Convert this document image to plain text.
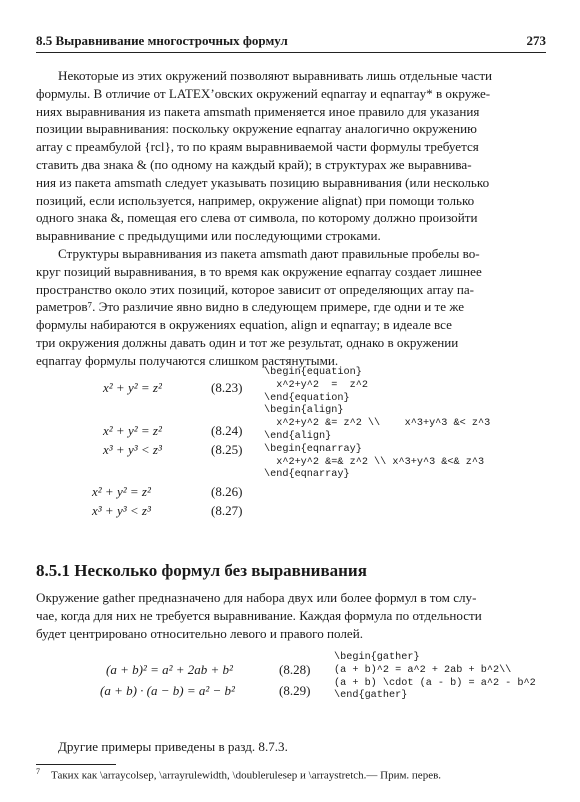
8.5 Выравнивание многострочных формул	273
Некоторые из этих окружений позволяют выравнивать лишь отдельные части
формулы. В отличие от LATEX’овских окружений eqnarray и eqnarray* в окруже-
ниях выравнивания из пакета amsmath применяется иное правило для указания
позиции выравнивания: поскольку окружение eqnarray аналогично окружению
array с преамбулой {rcl}, то по краям выравниваемой части формулы требуется
ставить два знака & (по одному на каждый край); в структурах же выравнива-
ния из пакета amsmath следует указывать позицию выравнивания (или несколько
позиций, если используется, например, окружение alignat) при помощи только
одного знака &, помещая его слева от символа, по которому должно произойти
выравнивание с предыдущими или последующими строками.
Структуры выравнивания из пакета amsmath дают правильные пробелы во-
круг позиций выравнивания, в то время как окружение eqnarray создает лишнее
пространство около этих позиций, которое зависит от определяющих array па-
раметров⁷. Это различие явно видно в следующем примере, где одни и те же
формулы набираются в окружениях equation, align и eqnarray; в идеале все
три окружения должны давать один и тот же результат, однако в окружении
eqnarray формулы получаются слишком растянутыми.
x² + y² = z²	(8.23)
x² + y² = z²	(8.24)
x³ + y³ < z³	(8.25)
x² + y² = z²	(8.26)
x³ + y³ < z³	(8.27)
\begin{equation}
x^2+y^2  =  z^2
\end{equation}
\begin{align}
x^2+y^2 &= z^2 \\    x^3+y^3 &< z^3
\end{align}
\begin{eqnarray}
x^2+y^2 &=& z^2 \\ x^3+y^3 &<& z^3
\end{eqnarray}
8.5.1 Несколько формул без выравнивания
Окружение gather предназначено для набора двух или более формул в том слу-
чае, когда для них не требуется выравнивание. Каждая формула по отдельности
будет центрировано относительно левого и правого полей.
(a + b)² = a² + 2ab + b²	(8.28)
(a + b) · (a − b) = a² − b²	(8.29)
\begin{gather}
(a + b)^2 = a^2 + 2ab + b^2\\
(a + b) \cdot (a - b) = a^2 - b^2
\end{gather}
Другие примеры приведены в разд. 8.7.3.
$^7$ Таких как \arraycolsep, \arrayrulewidth, \doublerulesep и \arraystretch.— Прим. перев.
